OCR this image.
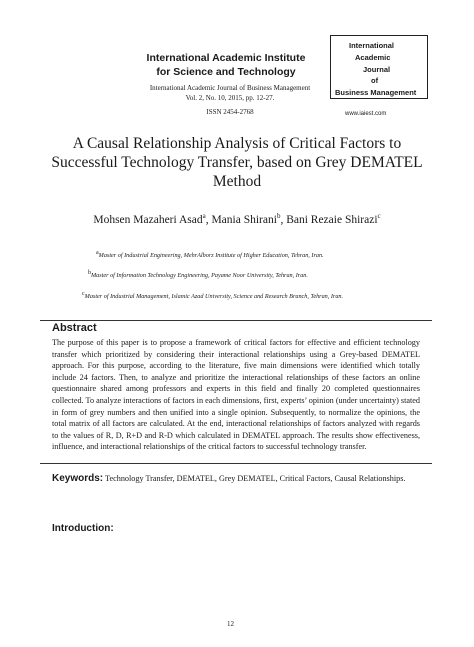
International Academic Institute
for Science and Technology
International Academic Journal of Business Management
Vol. 2, No. 10, 2015, pp. 12-27.
ISSN 2454-2768
International
Academic
Journal
of
Business Management
www.iaiest.com
A Causal Relationship Analysis of Critical Factors to
Successful Technology Transfer, based on Grey DEMATEL
Method
Mohsen Mazaheri Asad$^a$, Mania Shirani$^b$, Bani Rezaie Shirazi$^c$
$^a$Master of Industrial Engineering, MehrAlborz Institute of Higher Education, Tehran, Iran.
$^b$Master of Information Technology Engineering, Payame Noor University, Tehran, Iran.
$^c$Master of Industrial Management, Islamic Azad University, Science and Research Branch, Tehran, Iran.
Abstract
The purpose of this paper is to propose a framework of critical factors for effective and efficient technology transfer which prioritized by considering their interactional relationships using a Grey-based DEMATEL approach. For this purpose, according to the literature, five main dimensions were identified which totally include 24 factors. Then, to analyze and prioritize the interactional relationships of these factors an online questionnaire shared among professors and experts in this field and finally 20 completed questionnaires collected. To analyze interactions of factors in each dimensions, first, experts’ opinion (under uncertainty) stated in form of grey numbers and then unified into a single opinion. Subsequently, to normalize the opinions, the total matrix of all factors are calculated. At the end, interactional relationships of factors analyzed with regards to the values of R, D, R+D and R-D which calculated in DEMATEL approach. The results show effectiveness, influence, and interactional relationships of the critical factors to successful technology transfer.
Keywords: Technology Transfer, DEMATEL, Grey DEMATEL, Critical Factors, Causal Relationships.
Introduction:
12
